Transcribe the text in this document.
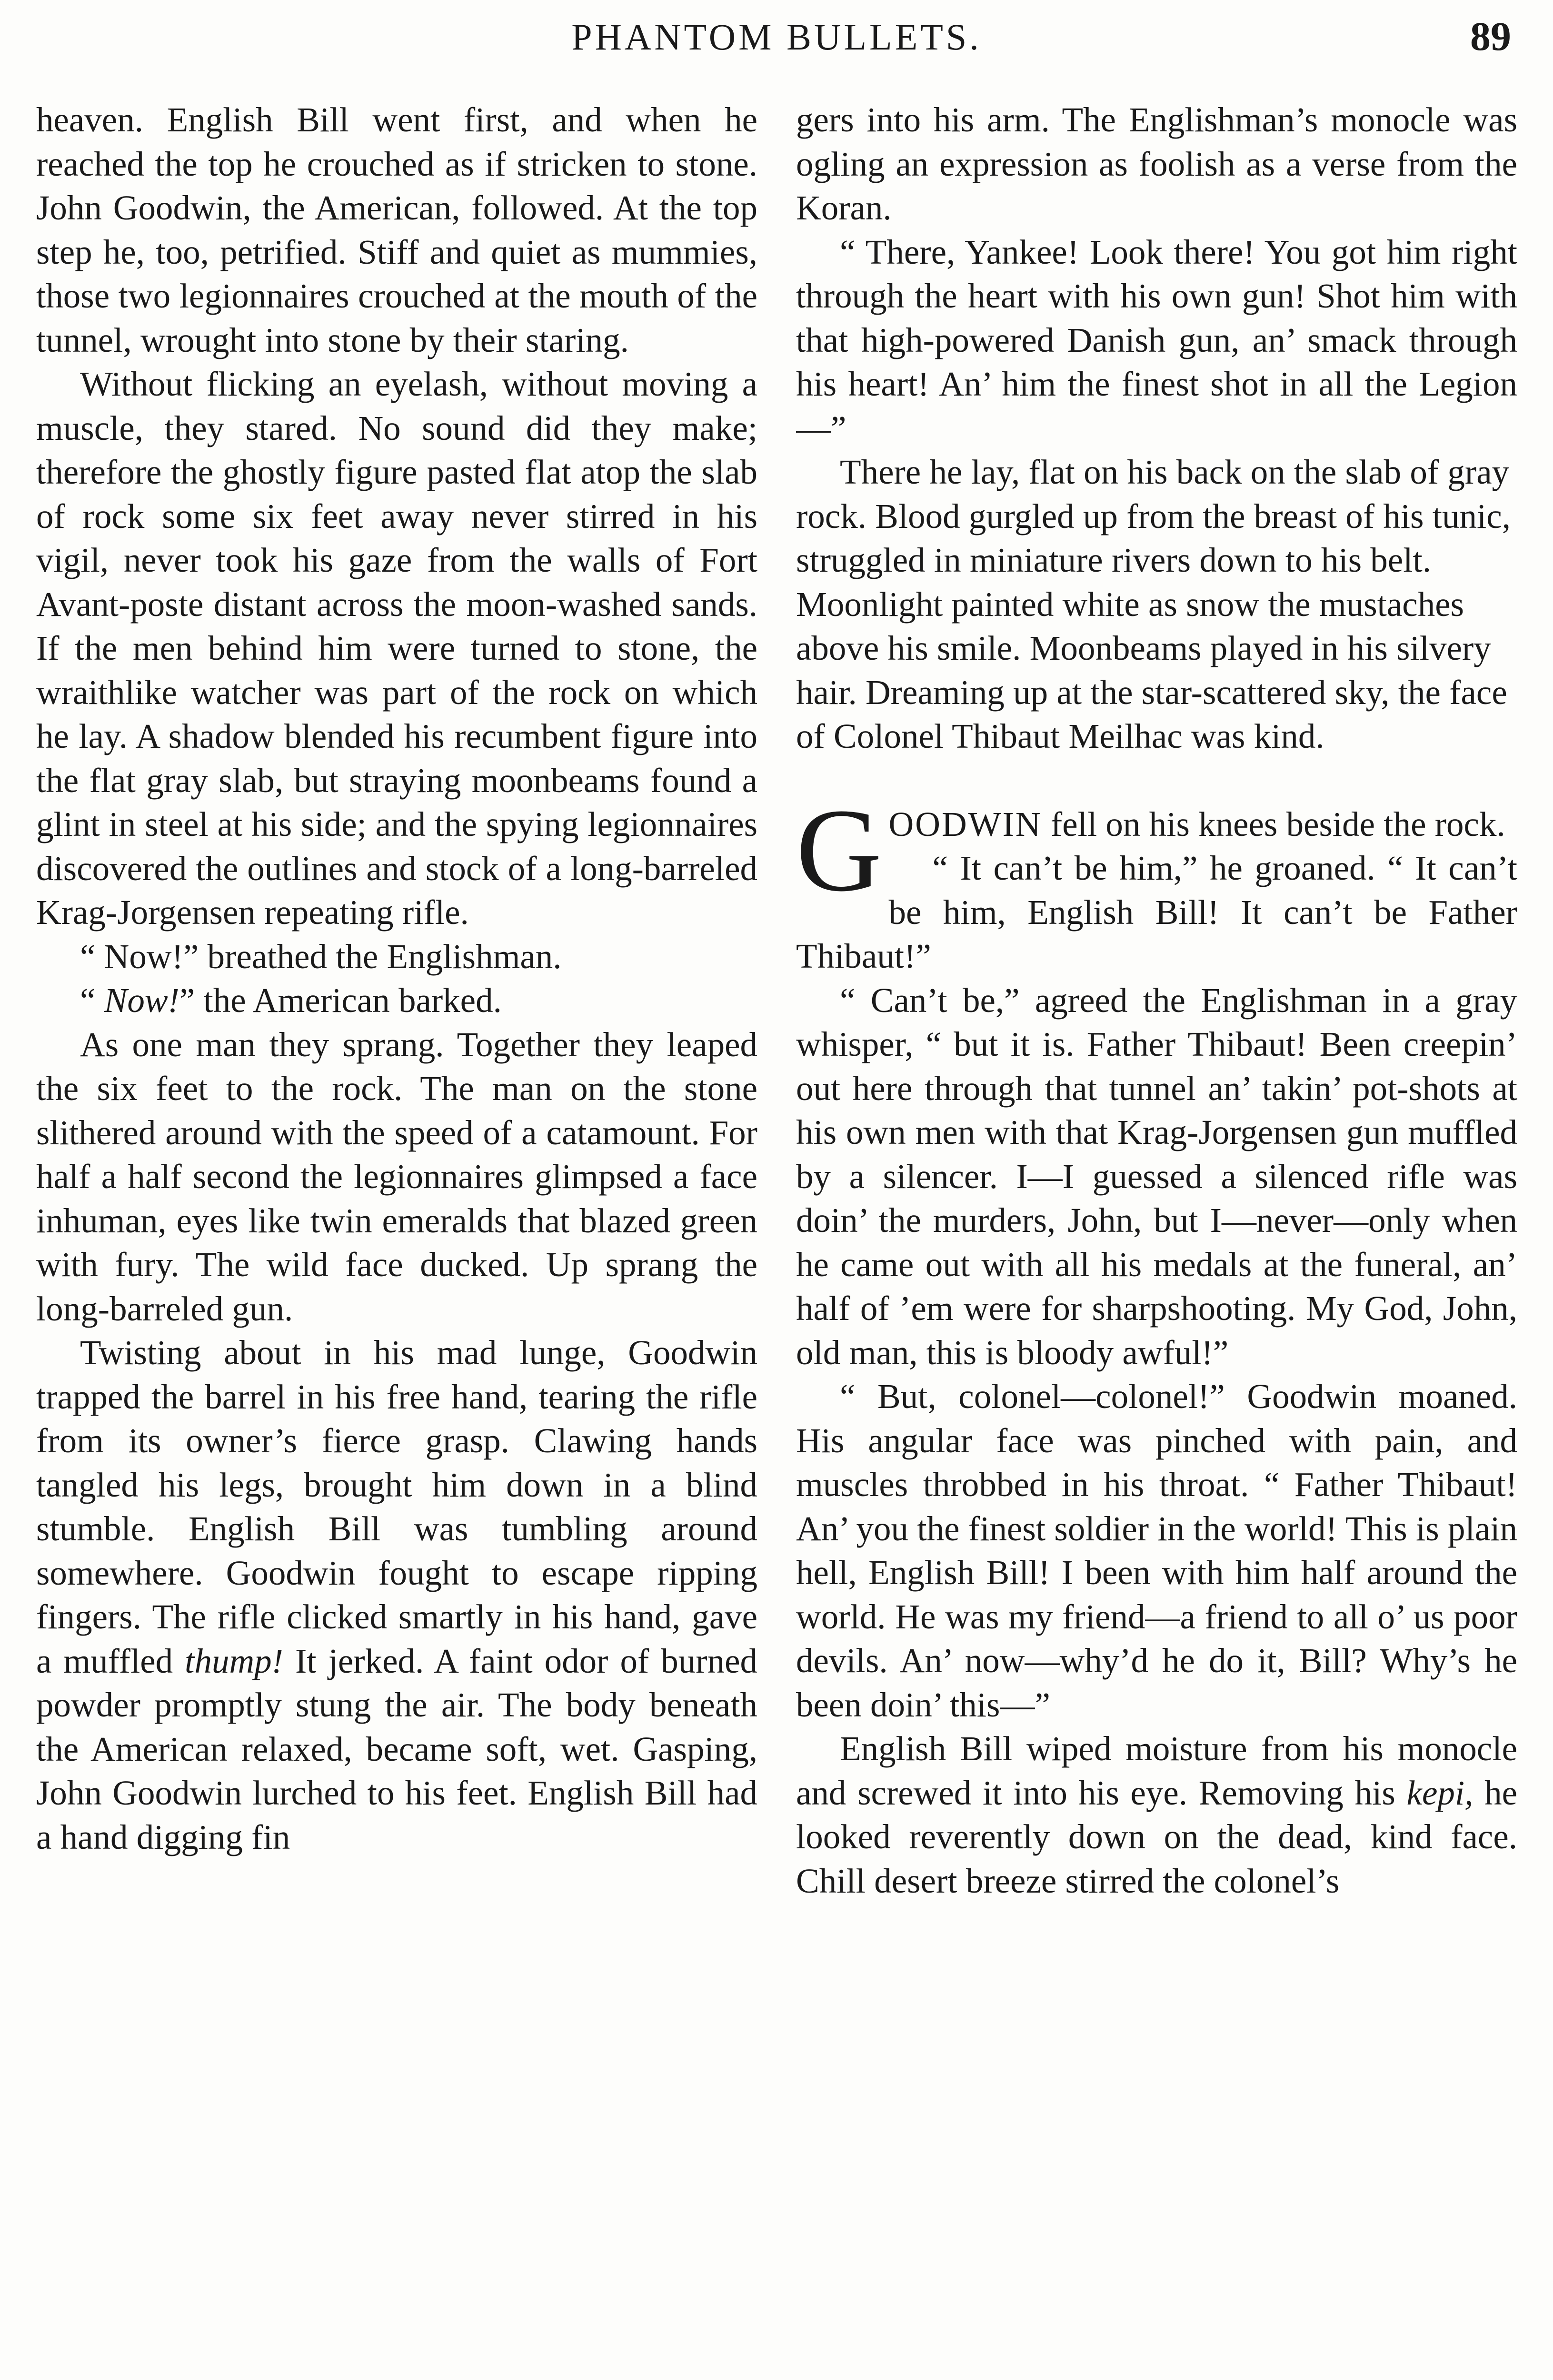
PHANTOM BULLETS.	89

heaven. English Bill went first, and when he reached the top he crouched as if stricken to stone. John Goodwin, the American, followed. At the top step he, too, petrified. Stiff and quiet as mummies, those two legionnaires crouched at the mouth of the tunnel, wrought into stone by their staring.

Without flicking an eyelash, without moving a muscle, they stared. No sound did they make; therefore the ghostly figure pasted flat atop the slab of rock some six feet away never stirred in his vigil, never took his gaze from the walls of Fort Avant-poste distant across the moon-washed sands. If the men behind him were turned to stone, the wraithlike watcher was part of the rock on which he lay. A shadow blended his recumbent figure into the flat gray slab, but straying moonbeams found a glint in steel at his side; and the spying legionnaires discovered the outlines and stock of a long-barreled Krag-Jorgensen repeating rifle.

“ Now!” breathed the Englishman.

“ Now!” the American barked.

As one man they sprang. Together they leaped the six feet to the rock. The man on the stone slithered around with the speed of a catamount. For half a half second the legionnaires glimpsed a face inhuman, eyes like twin emeralds that blazed green with fury. The wild face ducked. Up sprang the long-barreled gun.

Twisting about in his mad lunge, Goodwin trapped the barrel in his free hand, tearing the rifle from its owner’s fierce grasp. Clawing hands tangled his legs, brought him down in a blind stumble. English Bill was tumbling around somewhere. Goodwin fought to escape ripping fingers. The rifle clicked smartly in his hand, gave a muffled thump! It jerked. A faint odor of burned powder promptly stung the air. The body beneath the American relaxed, became soft, wet. Gasping, John Goodwin lurched to his feet. English Bill had a hand digging fin

gers into his arm. The Englishman’s monocle was ogling an expression as foolish as a verse from the Koran.

“ There, Yankee! Look there! You got him right through the heart with his own gun! Shot him with that high-powered Danish gun, an’ smack through his heart! An’ him the finest shot in all the Legion—”

There he lay, flat on his back on the slab of gray rock. Blood gurgled up from the breast of his tunic, struggled in miniature rivers down to his belt. Moonlight painted white as snow the mustaches above his smile. Moonbeams played in his silvery hair. Dreaming up at the star-scattered sky, the face of Colonel Thibaut Meilhac was kind.

GOODWIN fell on his knees beside the rock.

“ It can’t be him,” he groaned. “ It can’t be him, English Bill! It can’t be Father Thibaut!”

“ Can’t be,” agreed the Englishman in a gray whisper, “ but it is. Father Thibaut! Been creepin’ out here through that tunnel an’ takin’ pot-shots at his own men with that Krag-Jorgensen gun muffled by a silencer. I—I guessed a silenced rifle was doin’ the murders, John, but I—never—only when he came out with all his medals at the funeral, an’ half of ’em were for sharpshooting. My God, John, old man, this is bloody awful!”

“ But, colonel—colonel!” Goodwin moaned. His angular face was pinched with pain, and muscles throbbed in his throat. “ Father Thibaut! An’ you the finest soldier in the world! This is plain hell, English Bill! I been with him half around the world. He was my friend—a friend to all o’ us poor devils. An’ now—why’d he do it, Bill? Why’s he been doin’ this—”

English Bill wiped moisture from his monocle and screwed it into his eye. Removing his kepi, he looked reverently down on the dead, kind face. Chill desert breeze stirred the colonel’s
